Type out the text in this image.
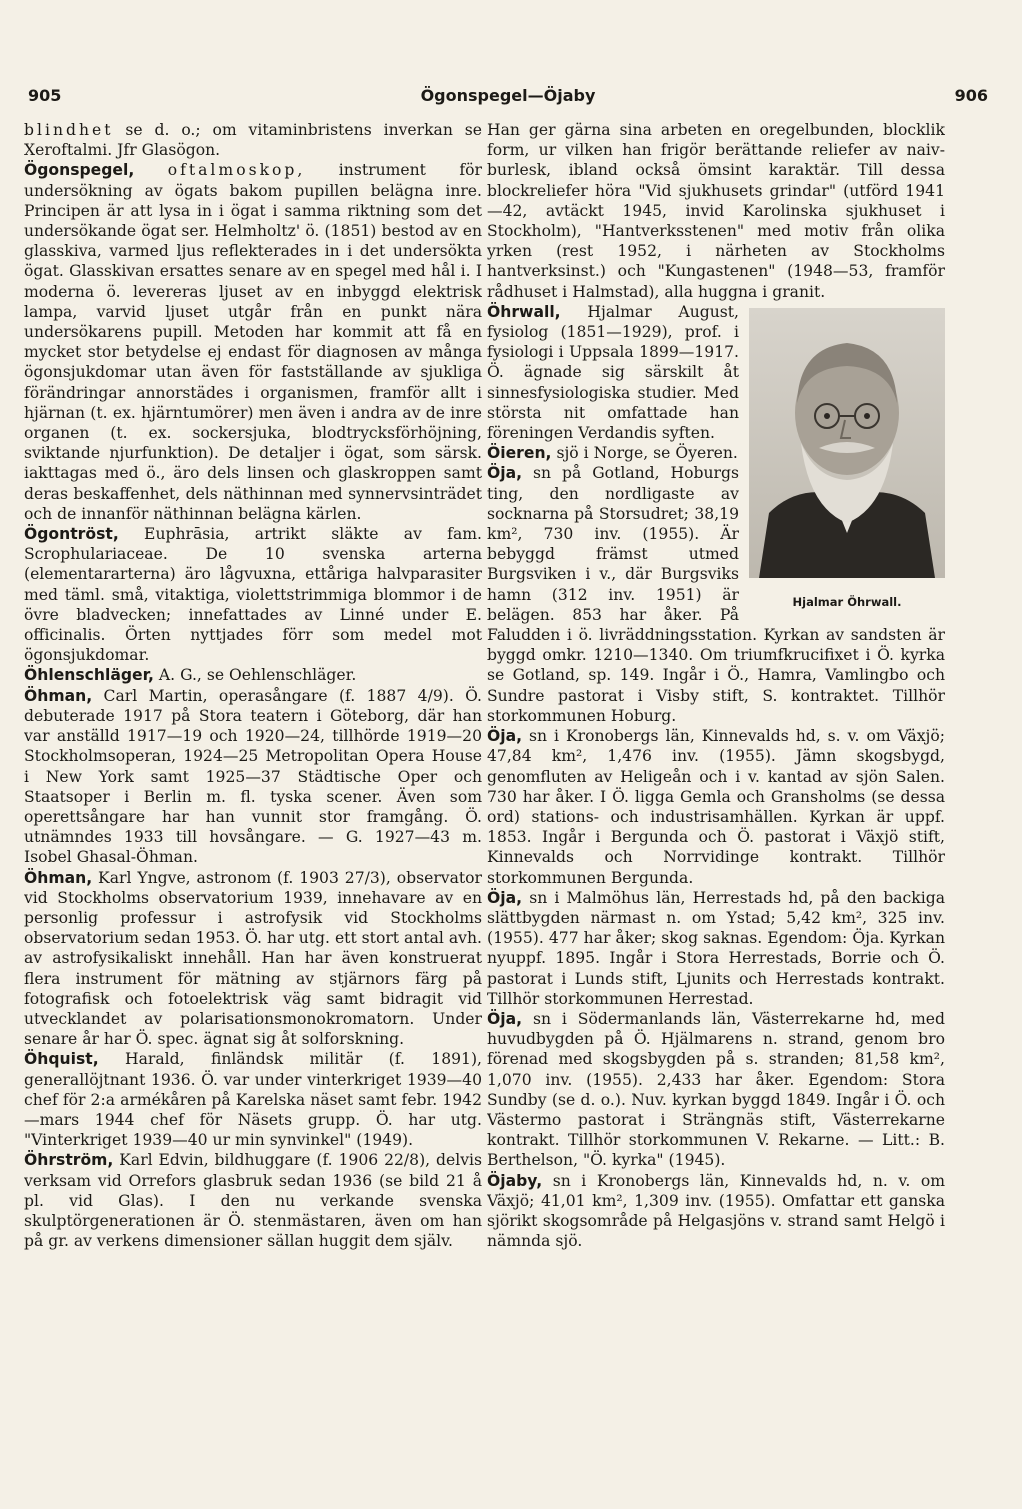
905	Ögonspegel—Öjaby	906

blindhet se d. o.; om vitaminbristens inverkan se Xeroftalmi. Jfr Glasögon.

Ögonspegel, oftalmoskop, instrument för undersökning av ögats bakom pupillen belägna inre. Principen är att lysa in i ögat i samma riktning som det undersökande ögat ser. Helmholtz' ö. (1851) bestod av en glasskiva, varmed ljus reflekterades in i det undersökta ögat. Glasskivan ersattes senare av en spegel med hål i. I moderna ö. levereras ljuset av en inbyggd elektrisk lampa, varvid ljuset utgår från en punkt nära undersökarens pupill. Metoden har kommit att få en mycket stor betydelse ej endast för diagnosen av många ögonsjukdomar utan även för fastställande av sjukliga förändringar annorstädes i organismen, framför allt i hjärnan (t. ex. hjärntumörer) men även i andra av de inre organen (t. ex. sockersjuka, blodtrycksförhöjning, sviktande njurfunktion). De detaljer i ögat, som särsk. iakttagas med ö., äro dels linsen och glaskroppen samt deras beskaffenhet, dels näthinnan med synnervsinträdet och de innanför näthinnan belägna kärlen.

Ögontröst, Euphrāsia, artrikt släkte av fam. Scrophulariaceae. De 10 svenska arterna (elementararterna) äro lågvuxna, ettåriga halvparasiter med täml. små, vitaktiga, violettstrimmiga blommor i de övre bladvecken; innefattades av Linné under E. officinalis. Örten nyttjades förr som medel mot ögonsjukdomar.

Öhlenschläger, A. G., se Oehlenschläger.

Öhman, Carl Martin, operasångare (f. 1887 4/9). Ö. debuterade 1917 på Stora teatern i Göteborg, där han var anställd 1917—19 och 1920—24, tillhörde 1919—20 Stockholmsoperan, 1924—25 Metropolitan Opera House i New York samt 1925—37 Städtische Oper och Staatsoper i Berlin m. fl. tyska scener. Även som operettsångare har han vunnit stor framgång. Ö. utnämndes 1933 till hovsångare. — G. 1927—43 m. Isobel Ghasal-Öhman.

Öhman, Karl Yngve, astronom (f. 1903 27/3), observator vid Stockholms observatorium 1939, innehavare av en personlig professur i astrofysik vid Stockholms observatorium sedan 1953. Ö. har utg. ett stort antal avh. av astrofysikaliskt innehåll. Han har även konstruerat flera instrument för mätning av stjärnors färg på fotografisk och fotoelektrisk väg samt bidragit vid utvecklandet av polarisationsmonokromatorn. Under senare år har Ö. spec. ägnat sig åt solforskning.

Öhquist, Harald, finländsk militär (f. 1891), generallöjtnant 1936. Ö. var under vinterkriget 1939—40 chef för 2:a armékåren på Karelska näset samt febr. 1942—mars 1944 chef för Näsets grupp. Ö. har utg. "Vinterkriget 1939—40 ur min synvinkel" (1949).

Öhrström, Karl Edvin, bildhuggare (f. 1906 22/8), delvis verksam vid Orrefors glasbruk sedan 1936 (se bild 21 å pl. vid Glas). I den nu verkande svenska skulptörgenerationen är Ö. stenmästaren, även om han på gr. av verkens dimensioner sällan huggit dem själv.

Han ger gärna sina arbeten en oregelbunden, blocklik form, ur vilken han frigör berättande reliefer av naiv-burlesk, ibland också ömsint karaktär. Till dessa blockreliefer höra "Vid sjukhusets grindar" (utförd 1941—42, avtäckt 1945, invid Karolinska sjukhuset i Stockholm), "Hantverksstenen" med motiv från olika yrken (rest 1952, i närheten av Stockholms hantverksinst.) och "Kungastenen" (1948—53, framför rådhuset i Halmstad), alla huggna i granit.

Hjalmar Öhrwall.

Öhrwall, Hjalmar August, fysiolog (1851—1929), prof. i fysiologi i Uppsala 1899—1917. Ö. ägnade sig särskilt åt sinnesfysiologiska studier. Med största nit omfattade han föreningen Verdandis syften.

Öieren, sjö i Norge, se Öyeren.

Öja, sn på Gotland, Hoburgs ting, den nordligaste av socknarna på Storsudret; 38,19 km², 730 inv. (1955). Är bebyggd främst utmed Burgsviken i v., där Burgsviks hamn (312 inv. 1951) är belägen. 853 har åker. På Faludden i ö. livräddningsstation. Kyrkan av sandsten är byggd omkr. 1210—1340. Om triumfkrucifixet i Ö. kyrka se Gotland, sp. 149. Ingår i Ö., Hamra, Vamlingbo och Sundre pastorat i Visby stift, S. kontraktet. Tillhör storkommunen Hoburg.

Öja, sn i Kronobergs län, Kinnevalds hd, s. v. om Växjö; 47,84 km², 1,476 inv. (1955). Jämn skogsbygd, genomfluten av Heligeån och i v. kantad av sjön Salen. 730 har åker. I Ö. ligga Gemla och Gransholms (se dessa ord) stations- och industrisamhällen. Kyrkan är uppf. 1853. Ingår i Bergunda och Ö. pastorat i Växjö stift, Kinnevalds och Norrvidinge kontrakt. Tillhör storkommunen Bergunda.

Öja, sn i Malmöhus län, Herrestads hd, på den backiga slättbygden närmast n. om Ystad; 5,42 km², 325 inv. (1955). 477 har åker; skog saknas. Egendom: Öja. Kyrkan nyuppf. 1895. Ingår i Stora Herrestads, Borrie och Ö. pastorat i Lunds stift, Ljunits och Herrestads kontrakt. Tillhör storkommunen Herrestad.

Öja, sn i Södermanlands län, Västerrekarne hd, med huvudbygden på Ö. Hjälmarens n. strand, genom bro förenad med skogsbygden på s. stranden; 81,58 km², 1,070 inv. (1955). 2,433 har åker. Egendom: Stora Sundby (se d. o.). Nuv. kyrkan byggd 1849. Ingår i Ö. och Västermo pastorat i Strängnäs stift, Västerrekarne kontrakt. Tillhör storkommunen V. Rekarne. — Litt.: B. Berthelson, "Ö. kyrka" (1945).

Öjaby, sn i Kronobergs län, Kinnevalds hd, n. v. om Växjö; 41,01 km², 1,309 inv. (1955). Omfattar ett ganska sjörikt skogsområde på Helgasjöns v. strand samt Helgö i nämnda sjö.
